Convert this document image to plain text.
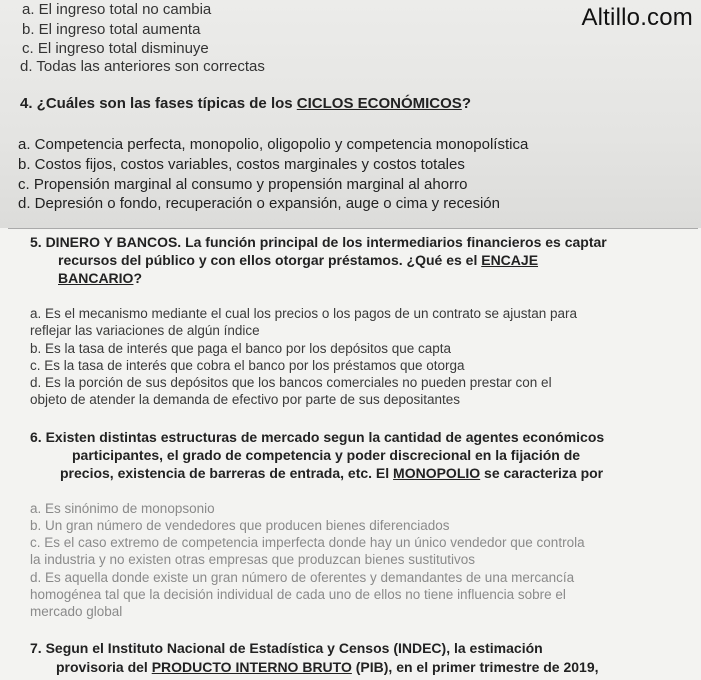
Altillo.com
a. El ingreso total no cambia
b. El ingreso total aumenta
c. El ingreso total disminuye
d. Todas las anteriores son correctas
4. ¿Cuáles son las fases típicas de los CICLOS ECONÓMICOS?
a. Competencia perfecta, monopolio, oligopolio y competencia monopolística
b. Costos fijos, costos variables, costos marginales y costos totales
c. Propensión marginal al consumo y propensión marginal al ahorro
d. Depresión o fondo, recuperación o expansión, auge o cima y recesión
5. DINERO Y BANCOS. La función principal de los intermediarios financieros es captar
recursos del público y con ellos otorgar préstamos. ¿Qué es el ENCAJE
BANCARIO?
a. Es el mecanismo mediante el cual los precios o los pagos de un contrato se ajustan para
reflejar las variaciones de algún índice
b. Es la tasa de interés que paga el banco por los depósitos que capta
c. Es la tasa de interés que cobra el banco por los préstamos que otorga
d. Es la porción de sus depósitos que los bancos comerciales no pueden prestar con el
objeto de atender la demanda de efectivo por parte de sus depositantes
6. Existen distintas estructuras de mercado segun la cantidad de agentes económicos
participantes, el grado de competencia y poder discrecional en la fijación de
precios, existencia de barreras de entrada, etc. El MONOPOLIO se caracteriza por
a. Es sinónimo de monopsonio
b. Un gran número de vendedores que producen bienes diferenciados
c. Es el caso extremo de competencia imperfecta donde hay un único vendedor que controla
la industria y no existen otras empresas que produzcan bienes sustitutivos
d. Es aquella donde existe un gran número de oferentes y demandantes de una mercancía
homogénea tal que la decisión individual de cada uno de ellos no tiene influencia sobre el
mercado global
7. Segun el Instituto Nacional de Estadística y Censos (INDEC), la estimación
provisoria del PRODUCTO INTERNO BRUTO (PIB), en el primer trimestre de 2019,
